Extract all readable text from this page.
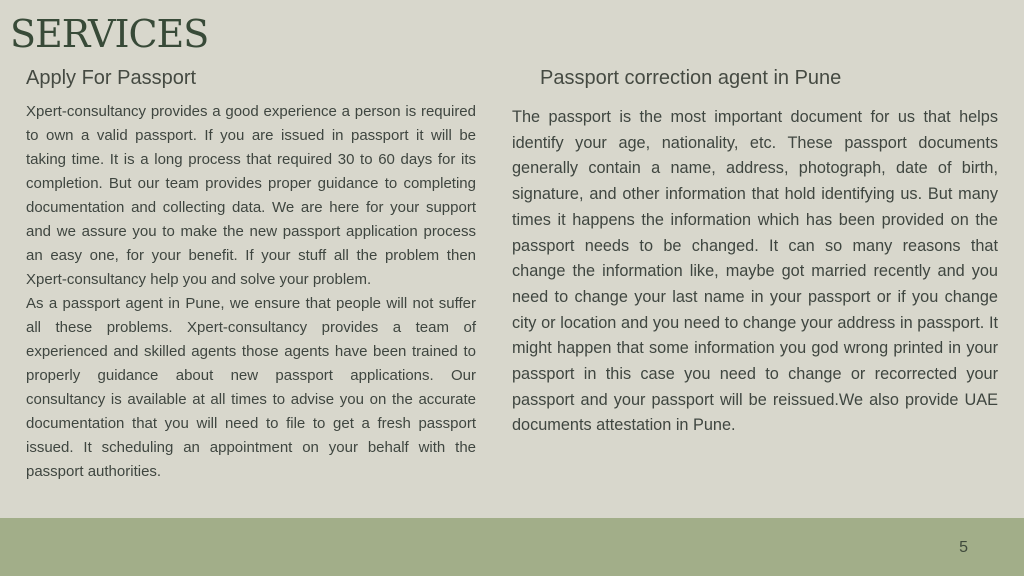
SERVICES
Apply For Passport

Xpert-consultancy provides a good experience a person is required to own a valid passport. If you are issued in passport it will be taking time. It is a long process that required 30 to 60 days for its completion. But our team provides proper guidance to completing documentation and collecting data. We are here for your support and we assure you to make the new passport application process an easy one, for your benefit. If your stuff all the problem then Xpert-consultancy help you and solve your problem.

As a passport agent in Pune, we ensure that people will not suffer all these problems. Xpert-consultancy provides a team of experienced and skilled agents those agents have been trained to properly guidance about new passport applications. Our consultancy is available at all times to advise you on the accurate documentation that you will need to file to get a fresh passport issued. It scheduling an appointment on your behalf with the passport authorities.

Passport correction agent in Pune

The passport is the most important document for us that helps identify your age, nationality, etc. These passport documents generally contain a name, address, photograph, date of birth, signature, and other information that hold identifying us. But many times it happens the information which has been provided on the passport needs to be changed. It can so many reasons that change the information like, maybe got married recently and you need to change your last name in your passport or if you change city or location and you need to change your address in passport. It might happen that some information you god wrong printed in your passport in this case you need to change or recorrected your passport and your passport will be reissued.We also provide UAE documents attestation in Pune.

5
